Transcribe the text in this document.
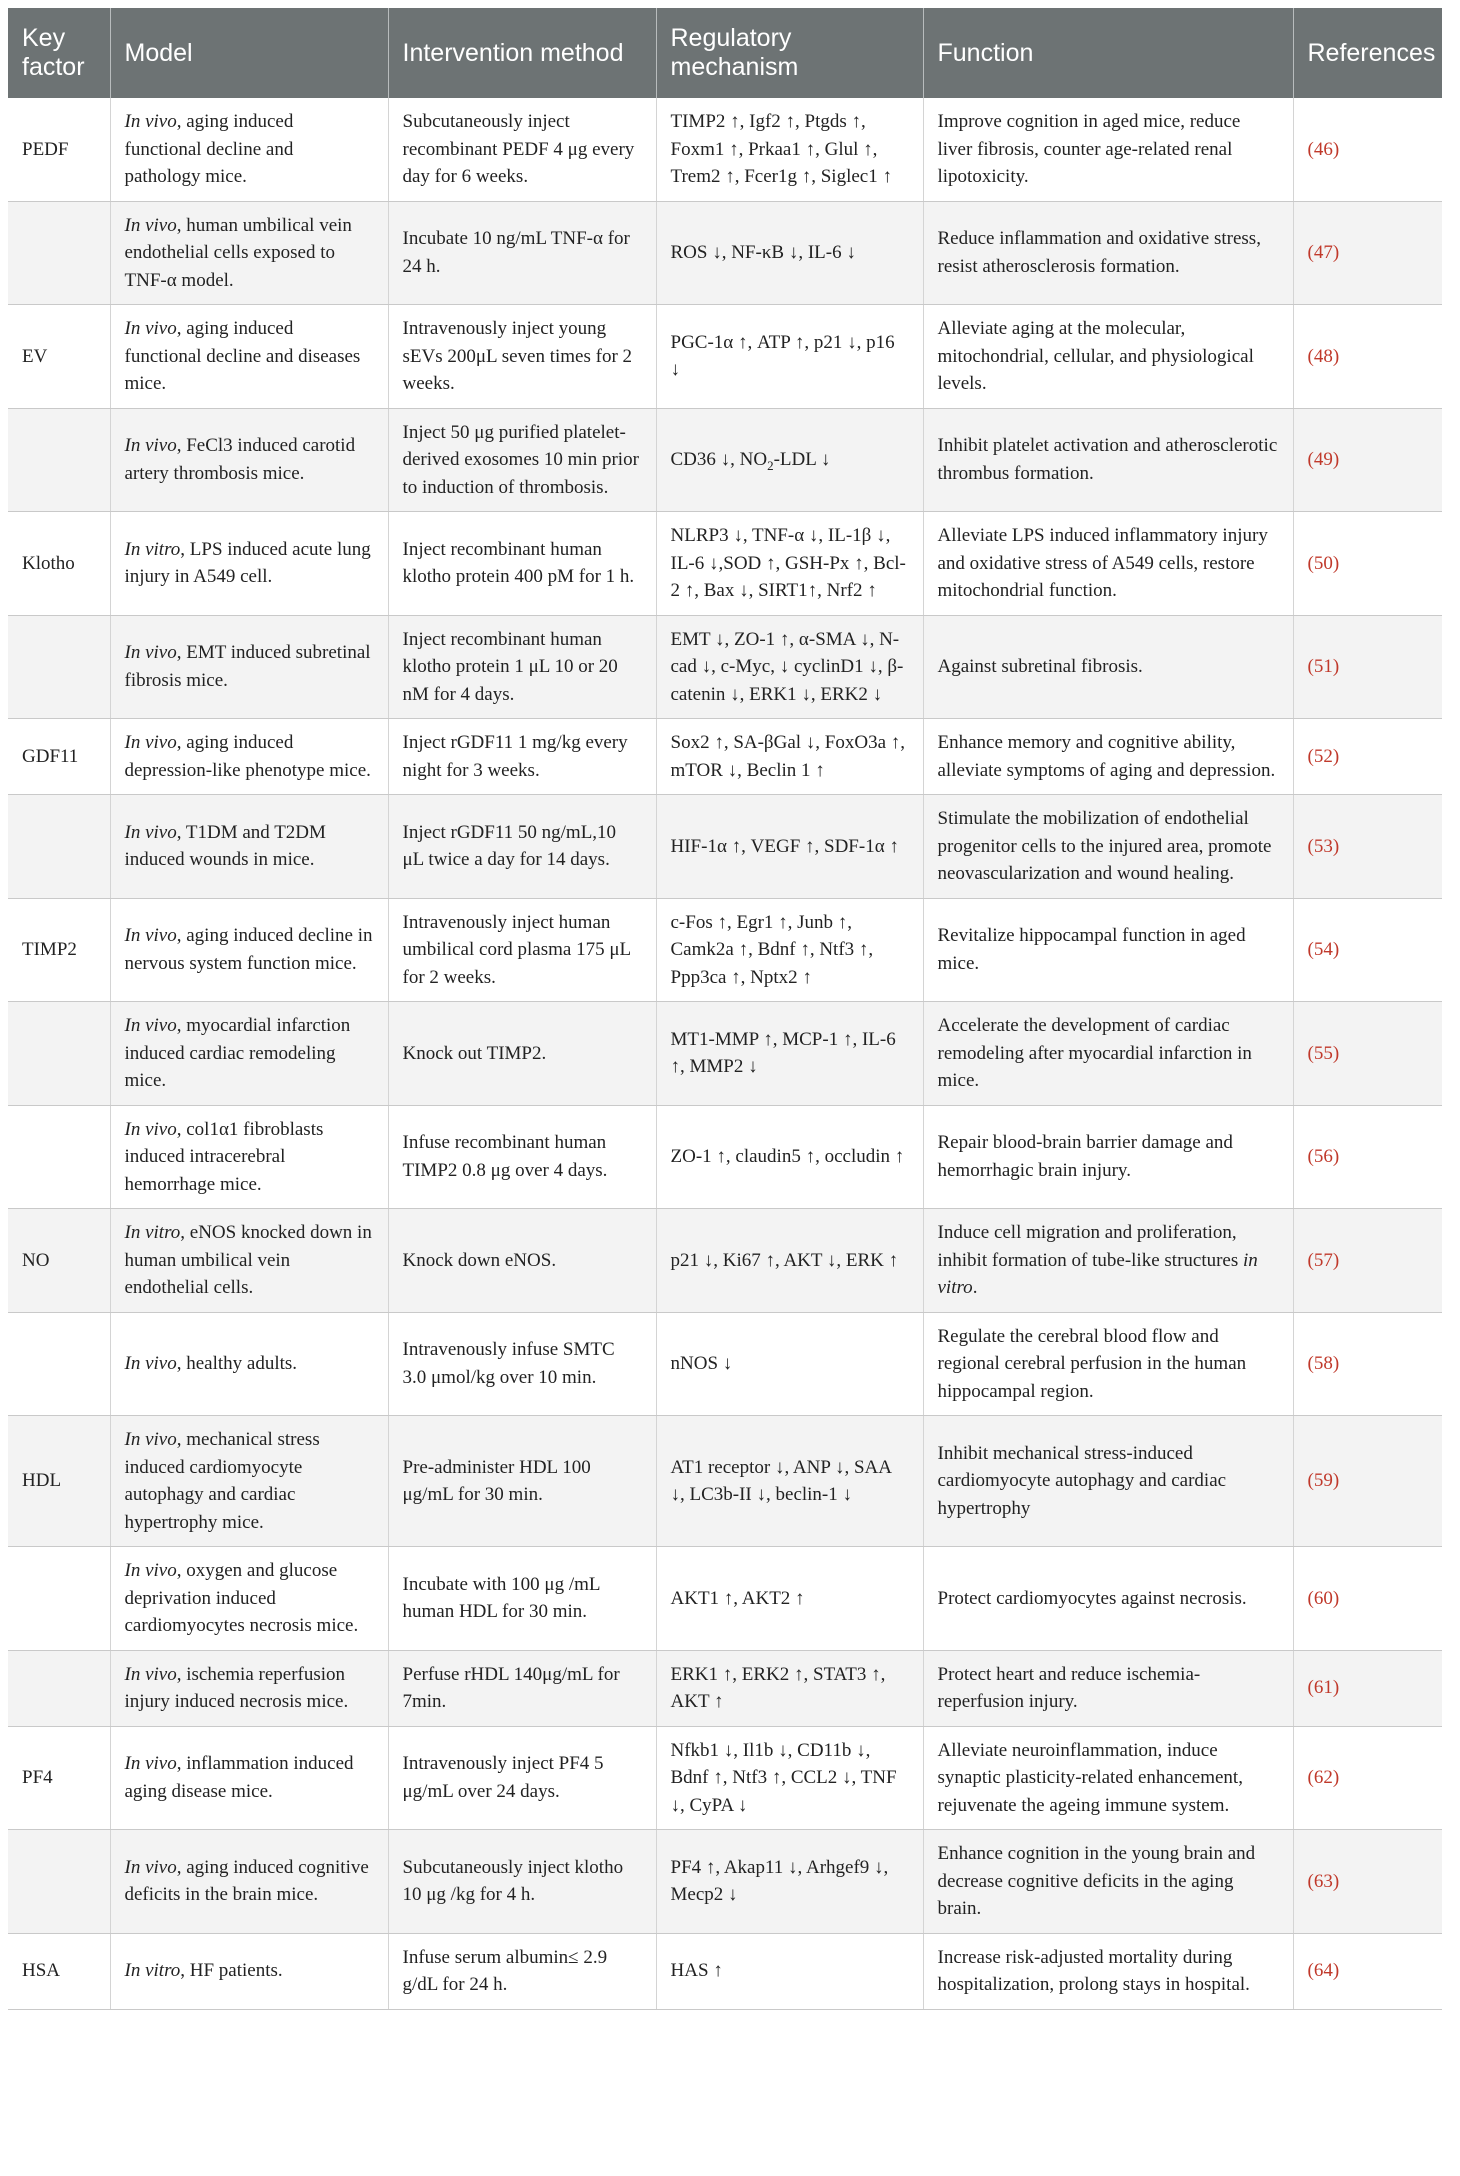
Key factor	Model	Intervention method	Regulatory mechanism	Function	References
PEDF	In vivo, aging induced functional decline and pathology mice.	Subcutaneously inject recombinant PEDF 4 μg every day for 6 weeks.	TIMP2 ↑, Igf2 ↑, Ptgds ↑, Foxm1 ↑, Prkaa1 ↑, Glul ↑, Trem2 ↑, Fcer1g ↑, Siglec1 ↑	Improve cognition in aged mice, reduce liver fibrosis, counter age-related renal lipotoxicity.	(46)
	In vivo, human umbilical vein endothelial cells exposed to TNF-α model.	Incubate 10 ng/mL TNF-α for 24 h.	ROS ↓, NF-κB ↓, IL-6 ↓	Reduce inflammation and oxidative stress, resist atherosclerosis formation.	(47)
EV	In vivo, aging induced functional decline and diseases mice.	Intravenously inject young sEVs 200μL seven times for 2 weeks.	PGC-1α ↑, ATP ↑, p21 ↓, p16 ↓	Alleviate aging at the molecular, mitochondrial, cellular, and physiological levels.	(48)
	In vivo, FeCl3 induced carotid artery thrombosis mice.	Inject 50 μg purified platelet-derived exosomes 10 min prior to induction of thrombosis.	CD36 ↓, $NO_2$-LDL ↓	Inhibit platelet activation and atherosclerotic thrombus formation.	(49)
Klotho	In vitro, LPS induced acute lung injury in A549 cell.	Inject recombinant human klotho protein 400 pM for 1 h.	NLRP3 ↓, TNF-α ↓, IL-1β ↓, IL-6 ↓,SOD ↑, GSH-Px ↑, Bcl-2 ↑, Bax ↓, SIRT1↑, Nrf2 ↑	Alleviate LPS induced inflammatory injury and oxidative stress of A549 cells, restore mitochondrial function.	(50)
	In vivo, EMT induced subretinal fibrosis mice.	Inject recombinant human klotho protein 1 μL 10 or 20 nM for 4 days.	EMT ↓, ZO-1 ↑, α-SMA ↓, N-cad ↓, c-Myc, ↓ cyclinD1 ↓, β-catenin ↓, ERK1 ↓, ERK2 ↓	Against subretinal fibrosis.	(51)
GDF11	In vivo, aging induced depression-like phenotype mice.	Inject rGDF11 1 mg/kg every night for 3 weeks.	Sox2 ↑, SA-βGal ↓, FoxO3a ↑, mTOR ↓, Beclin 1 ↑	Enhance memory and cognitive ability, alleviate symptoms of aging and depression.	(52)
	In vivo, T1DM and T2DM induced wounds in mice.	Inject rGDF11 50 ng/mL,10 μL twice a day for 14 days.	HIF-1α ↑, VEGF ↑, SDF-1α ↑	Stimulate the mobilization of endothelial progenitor cells to the injured area, promote neovascularization and wound healing.	(53)
TIMP2	In vivo, aging induced decline in nervous system function mice.	Intravenously inject human umbilical cord plasma 175 μL for 2 weeks.	c-Fos ↑, Egr1 ↑, Junb ↑, Camk2a ↑, Bdnf ↑, Ntf3 ↑, Ppp3ca ↑, Nptx2 ↑	Revitalize hippocampal function in aged mice.	(54)
	In vivo, myocardial infarction induced cardiac remodeling mice.	Knock out TIMP2.	MT1-MMP ↑, MCP-1 ↑, IL-6 ↑, MMP2 ↓	Accelerate the development of cardiac remodeling after myocardial infarction in mice.	(55)
	In vivo, col1α1 fibroblasts induced intracerebral hemorrhage mice.	Infuse recombinant human TIMP2 0.8 μg over 4 days.	ZO-1 ↑, claudin5 ↑, occludin ↑	Repair blood-brain barrier damage and hemorrhagic brain injury.	(56)
NO	In vitro, eNOS knocked down in human umbilical vein endothelial cells.	Knock down eNOS.	p21 ↓, Ki67 ↑, AKT ↓, ERK ↑	Induce cell migration and proliferation, inhibit formation of tube-like structures in vitro.	(57)
	In vivo, healthy adults.	Intravenously infuse SMTC 3.0 μmol/kg over 10 min.	nNOS ↓	Regulate the cerebral blood flow and regional cerebral perfusion in the human hippocampal region.	(58)
HDL	In vivo, mechanical stress induced cardiomyocyte autophagy and cardiac hypertrophy mice.	Pre-administer HDL 100 μg/mL for 30 min.	AT1 receptor ↓, ANP ↓, SAA ↓, LC3b-II ↓, beclin-1 ↓	Inhibit mechanical stress-induced cardiomyocyte autophagy and cardiac hypertrophy	(59)
	In vivo, oxygen and glucose deprivation induced cardiomyocytes necrosis mice.	Incubate with 100 μg /mL human HDL for 30 min.	AKT1 ↑, AKT2 ↑	Protect cardiomyocytes against necrosis.	(60)
	In vivo, ischemia reperfusion injury induced necrosis mice.	Perfuse rHDL 140μg/mL for 7min.	ERK1 ↑, ERK2 ↑, STAT3 ↑, AKT ↑	Protect heart and reduce ischemia-reperfusion injury.	(61)
PF4	In vivo, inflammation induced aging disease mice.	Intravenously inject PF4 5 μg/mL over 24 days.	Nfkb1 ↓, Il1b ↓, CD11b ↓, Bdnf ↑, Ntf3 ↑, CCL2 ↓, TNF ↓, CyPA ↓	Alleviate neuroinflammation, induce synaptic plasticity-related enhancement, rejuvenate the ageing immune system.	(62)
	In vivo, aging induced cognitive deficits in the brain mice.	Subcutaneously inject klotho 10 μg /kg for 4 h.	PF4 ↑, Akap11 ↓, Arhgef9 ↓, Mecp2 ↓	Enhance cognition in the young brain and decrease cognitive deficits in the aging brain.	(63)
HSA	In vitro, HF patients.	Infuse serum albumin≤ 2.9 g/dL for 24 h.	HAS ↑	Increase risk-adjusted mortality during hospitalization, prolong stays in hospital.	(64)
